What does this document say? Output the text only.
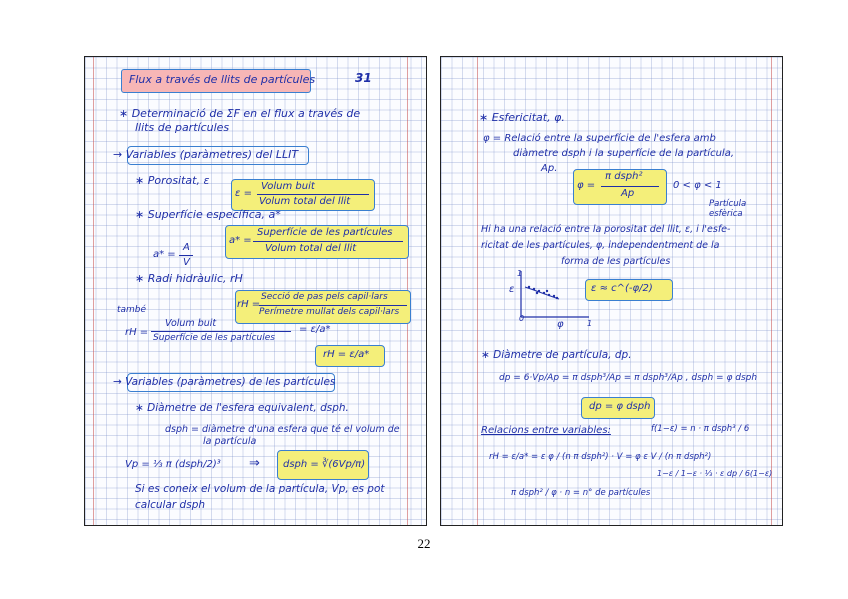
Flux a través de llits de partícules	31
∗ Determinació de ΣF en el flux a través de
llits de partícules
→ Variables (paràmetres) del LLIT
∗ Porositat, ε
ε =
Volum buit
Volum total del llit
∗ Superfície específica, a*
a* =
Superfície de les partícules
Volum total del llit
a* =
A
V
∗ Radi hidràulic, rH
rH =
Secció de pas pels capil·lars
Perímetre mullat dels capil·lars
també
rH =
Volum buit
Superfície de les partícules
= ε/a*
rH = ε/a*
→ Variables (paràmetres) de les partícules
∗ Diàmetre de l'esfera equivalent, dsph.
dsph = diàmetre d'una esfera que té el volum de
la partícula
Vp = ⅓ π (dsph/2)³ ⇒ dsph = ∛(6Vp/π)
Si es coneix el volum de la partícula, Vp, es pot
calcular dsph
∗ Esfericitat, φ.
φ = Relació entre la superfície de l'esfera amb
diàmetre dsph i la superfície de la partícula,
Ap.
φ =
π dsph²
Ap
0 < φ < 1
Partícula esfèrica
Hi ha una relació entre la porositat del llit, ε, i l'esfe-
ricitat de les partícules, φ, independentment de la
forma de les partícules
ε
1
0
φ	1
ε ≈ c^(-φ/2)
∗ Diàmetre de partícula, dp.
dp = 6·Vp/Ap = π dsph³/Ap = π dsph³/Ap , dsph = φ dsph
dp = φ dsph
Relacions entre variables:	f(1−ε) = n · π dsph³ / 6
rH = ε/a* = ε φ / (n π dsph²) · V = φ ε V / (n π dsph²)
1−ε / 1−ε · ⅓ · ε dp / 6(1−ε)
π dsph² / φ · n = n° de partícules
22
